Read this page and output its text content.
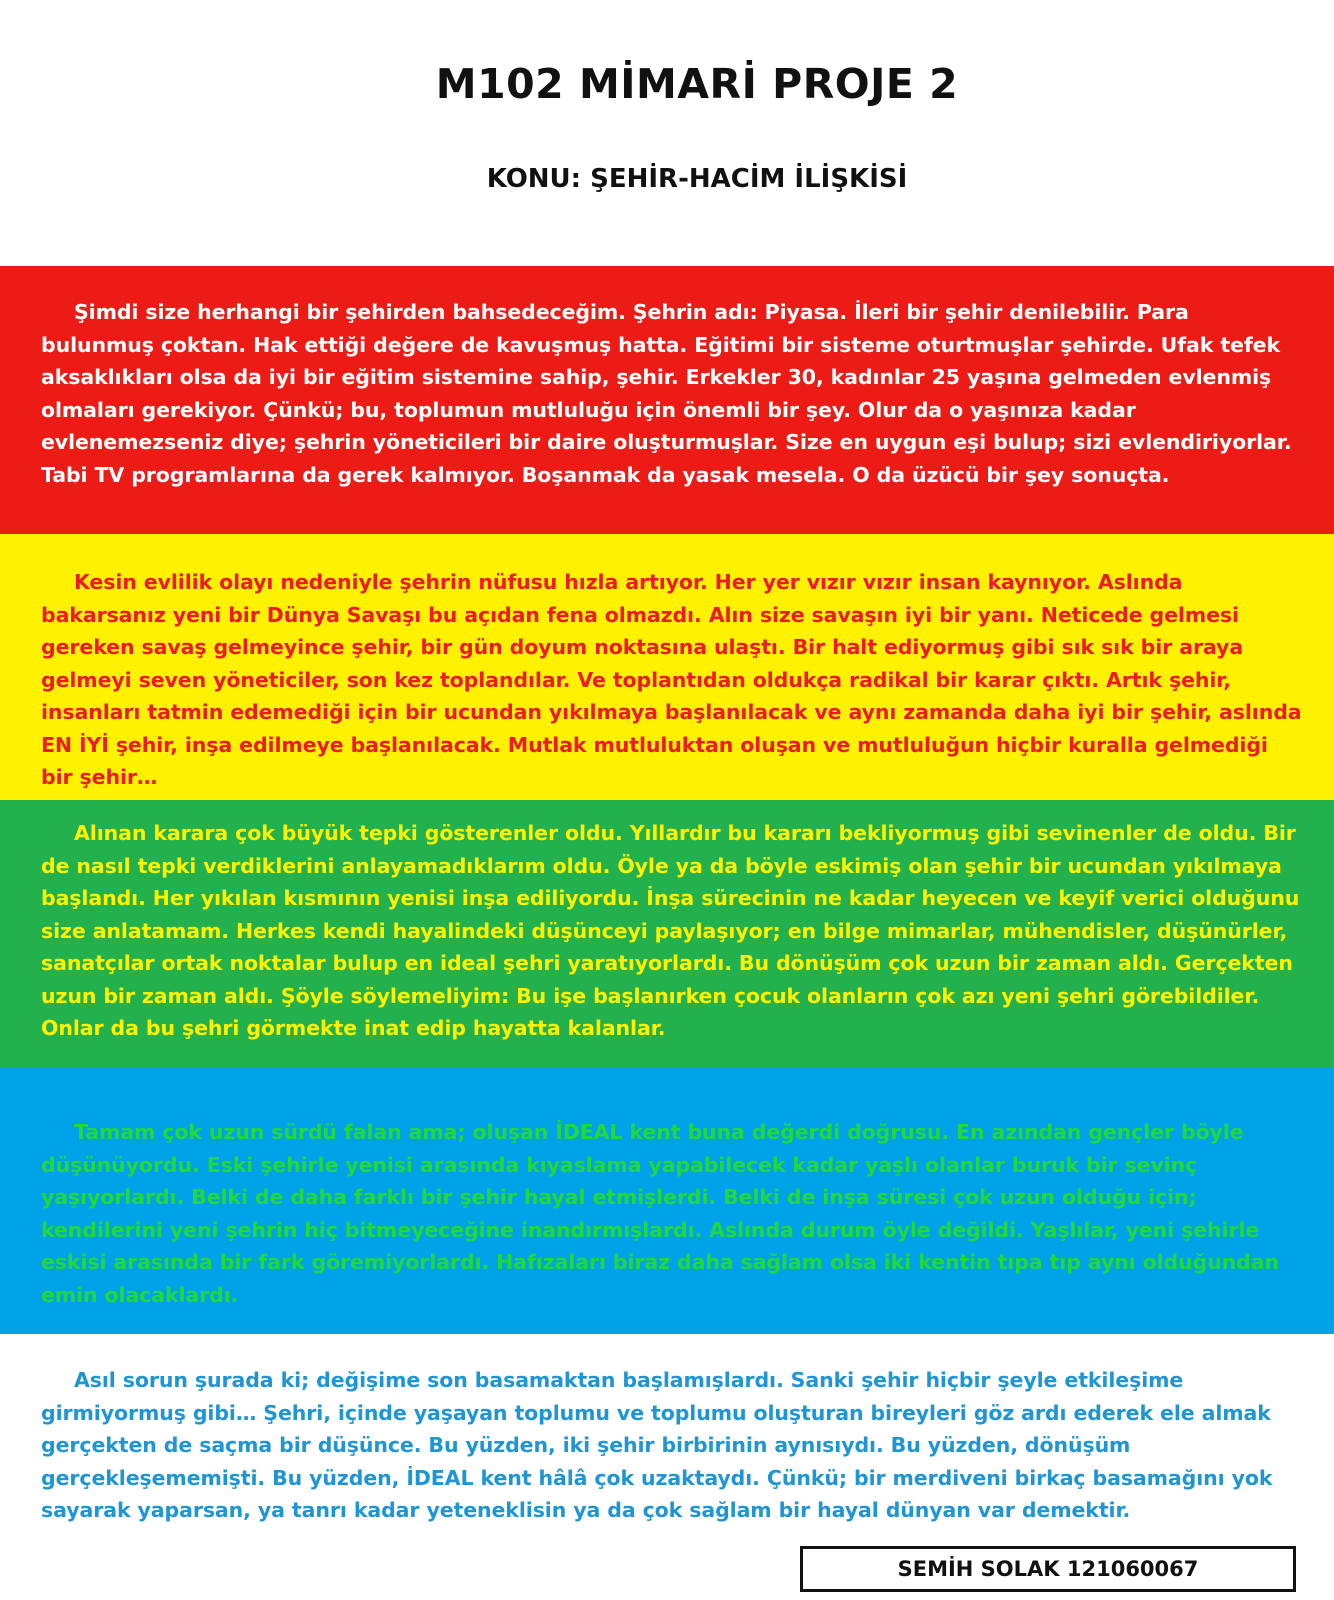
M102 MİMARİ PROJE 2
KONU: ŞEHİR-HACİM İLİŞKİSİ

Şimdi size herhangi bir şehirden bahsedeceğim. Şehrin adı: Piyasa. İleri bir şehir denilebilir. Para bulunmuş çoktan. Hak ettiği değere de kavuşmuş hatta. Eğitimi bir sisteme oturtmuşlar şehirde. Ufak tefek aksaklıkları olsa da iyi bir eğitim sistemine sahip, şehir. Erkekler 30, kadınlar 25 yaşına gelmeden evlenmiş olmaları gerekiyor. Çünkü; bu, toplumun mutluluğu için önemli bir şey. Olur da o yaşınıza kadar evlenemezseniz diye; şehrin yöneticileri bir daire oluşturmuşlar. Size en uygun eşi bulup; sizi evlendiriyorlar. Tabi TV programlarına da gerek kalmıyor. Boşanmak da yasak mesela. O da üzücü bir şey sonuçta.

Kesin evlilik olayı nedeniyle şehrin nüfusu hızla artıyor. Her yer vızır vızır insan kaynıyor. Aslında bakarsanız yeni bir Dünya Savaşı bu açıdan fena olmazdı. Alın size savaşın iyi bir yanı. Neticede gelmesi gereken savaş gelmeyince şehir, bir gün doyum noktasına ulaştı. Bir halt ediyormuş gibi sık sık bir araya gelmeyi seven yöneticiler, son kez toplandılar. Ve toplantıdan oldukça radikal bir karar çıktı. Artık şehir, insanları tatmin edemediği için bir ucundan yıkılmaya başlanılacak ve aynı zamanda daha iyi bir şehir, aslında EN İYİ şehir, inşa edilmeye başlanılacak. Mutlak mutluluktan oluşan ve mutluluğun hiçbir kuralla gelmediği bir şehir…

Alınan karara çok büyük tepki gösterenler oldu. Yıllardır bu kararı bekliyormuş gibi sevinenler de oldu. Bir de nasıl tepki verdiklerini anlayamadıklarım oldu. Öyle ya da böyle eskimiş olan şehir bir ucundan yıkılmaya başlandı. Her yıkılan kısmının yenisi inşa ediliyordu. İnşa sürecinin ne kadar heyecen ve keyif verici olduğunu size anlatamam. Herkes kendi hayalindeki düşünceyi paylaşıyor; en bilge mimarlar, mühendisler, düşünürler, sanatçılar ortak noktalar bulup en ideal şehri yaratıyorlardı. Bu dönüşüm çok uzun bir zaman aldı. Gerçekten uzun bir zaman aldı. Şöyle söylemeliyim: Bu işe başlanırken çocuk olanların çok azı yeni şehri görebildiler. Onlar da bu şehri görmekte inat edip hayatta kalanlar.

Tamam çok uzun sürdü falan ama; oluşan İDEAL kent buna değerdi doğrusu. En azından gençler böyle düşünüyordu. Eski şehirle yenisi arasında kıyaslama yapabilecek kadar yaşlı olanlar buruk bir sevinç yaşıyorlardı. Belki de daha farklı bir şehir hayal etmişlerdi. Belki de inşa süresi çok uzun olduğu için; kendilerini yeni şehrin hiç bitmeyeceğine inandırmışlardı. Aslında durum öyle değildi. Yaşlılar, yeni şehirle eskisi arasında bir fark göremiyorlardı. Hafızaları biraz daha sağlam olsa iki kentin tıpa tıp aynı olduğundan emin olacaklardı.

Asıl sorun şurada ki; değişime son basamaktan başlamışlardı. Sanki şehir hiçbir şeyle etkileşime girmiyormuş gibi… Şehri, içinde yaşayan toplumu ve toplumu oluşturan bireyleri göz ardı ederek ele almak gerçekten de saçma bir düşünce. Bu yüzden, iki şehir birbirinin aynısıydı. Bu yüzden, dönüşüm gerçekleşememişti. Bu yüzden, İDEAL kent hâlâ çok uzaktaydı. Çünkü; bir merdiveni birkaç basamağını yok sayarak yaparsan, ya tanrı kadar yeteneklisin ya da çok sağlam bir hayal dünyan var demektir.

SEMİH SOLAK 121060067
